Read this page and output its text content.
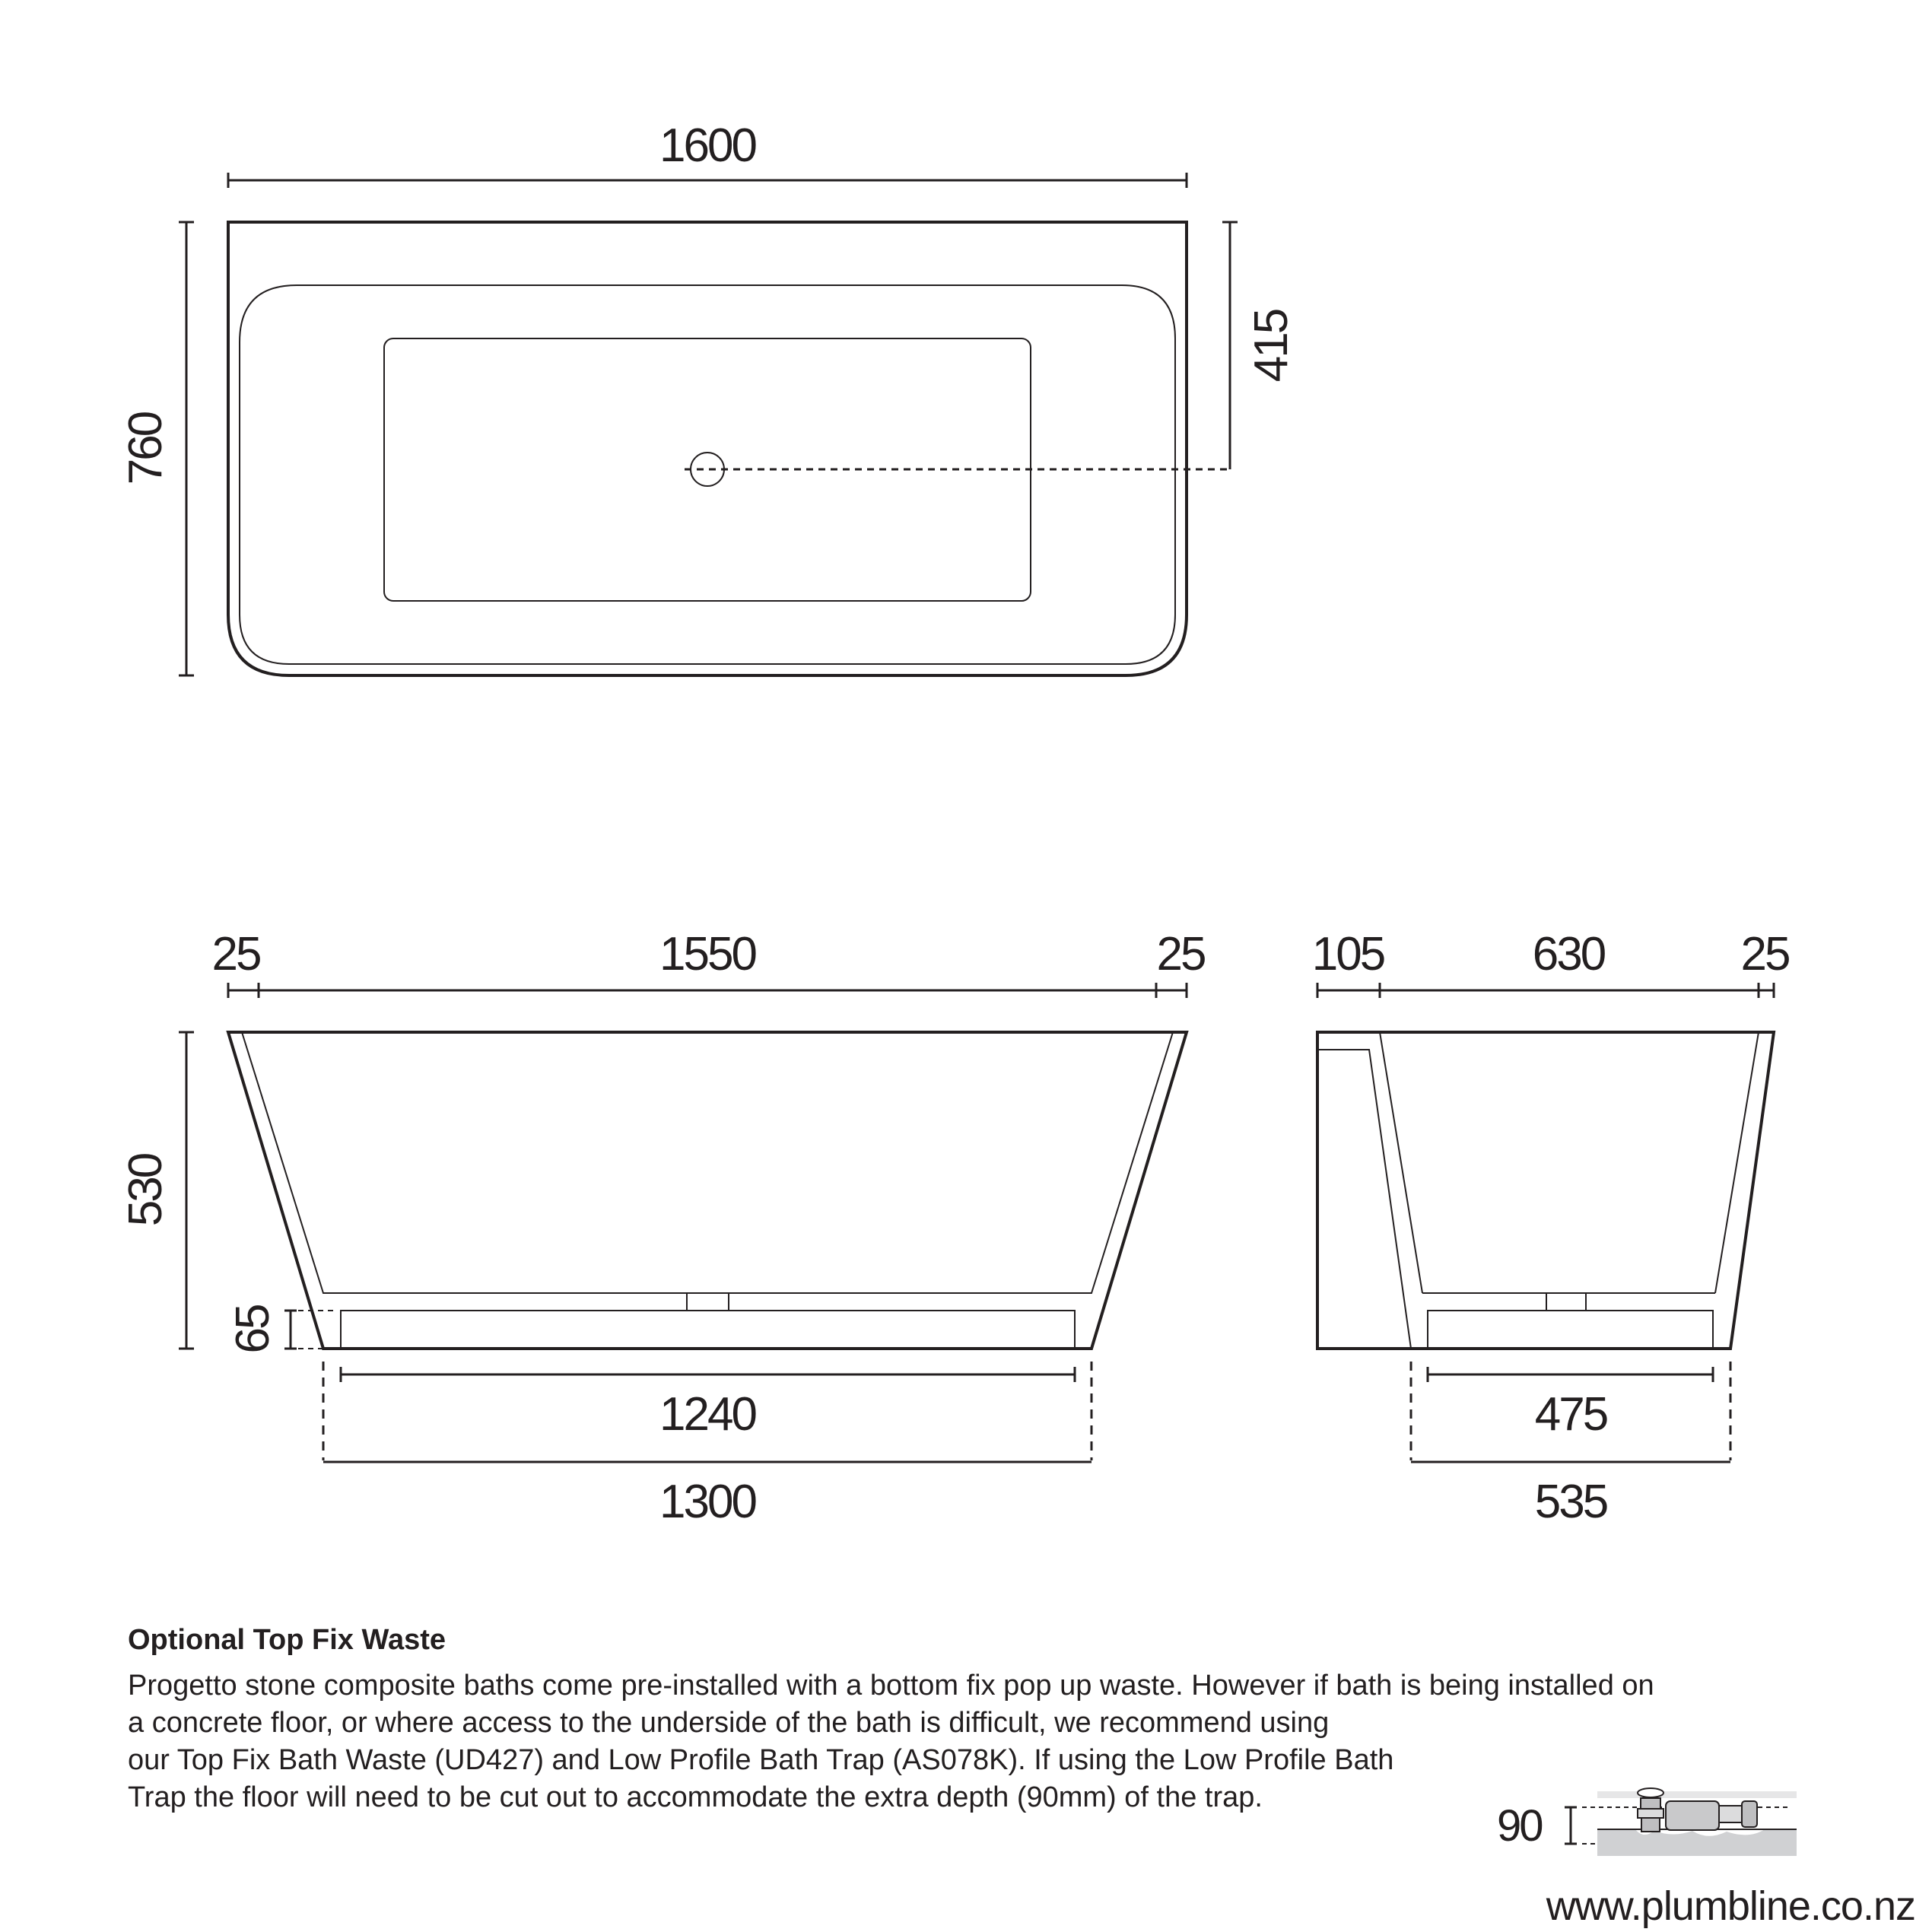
1600
760
415
25	1550	25
530
65
1240
1300
105	630	25
475
535
90
Optional Top Fix Waste
Progetto stone composite baths come pre-installed with a bottom fix pop up waste. However if bath is being installed on
a concrete floor, or where access to the underside of the bath is difficult, we recommend using
our Top Fix Bath Waste (UD427) and Low Profile Bath Trap (AS078K). If using the Low Profile Bath
Trap the floor will need to be cut out to accommodate the extra depth (90mm) of the trap.
www.plumbline.co.nz
